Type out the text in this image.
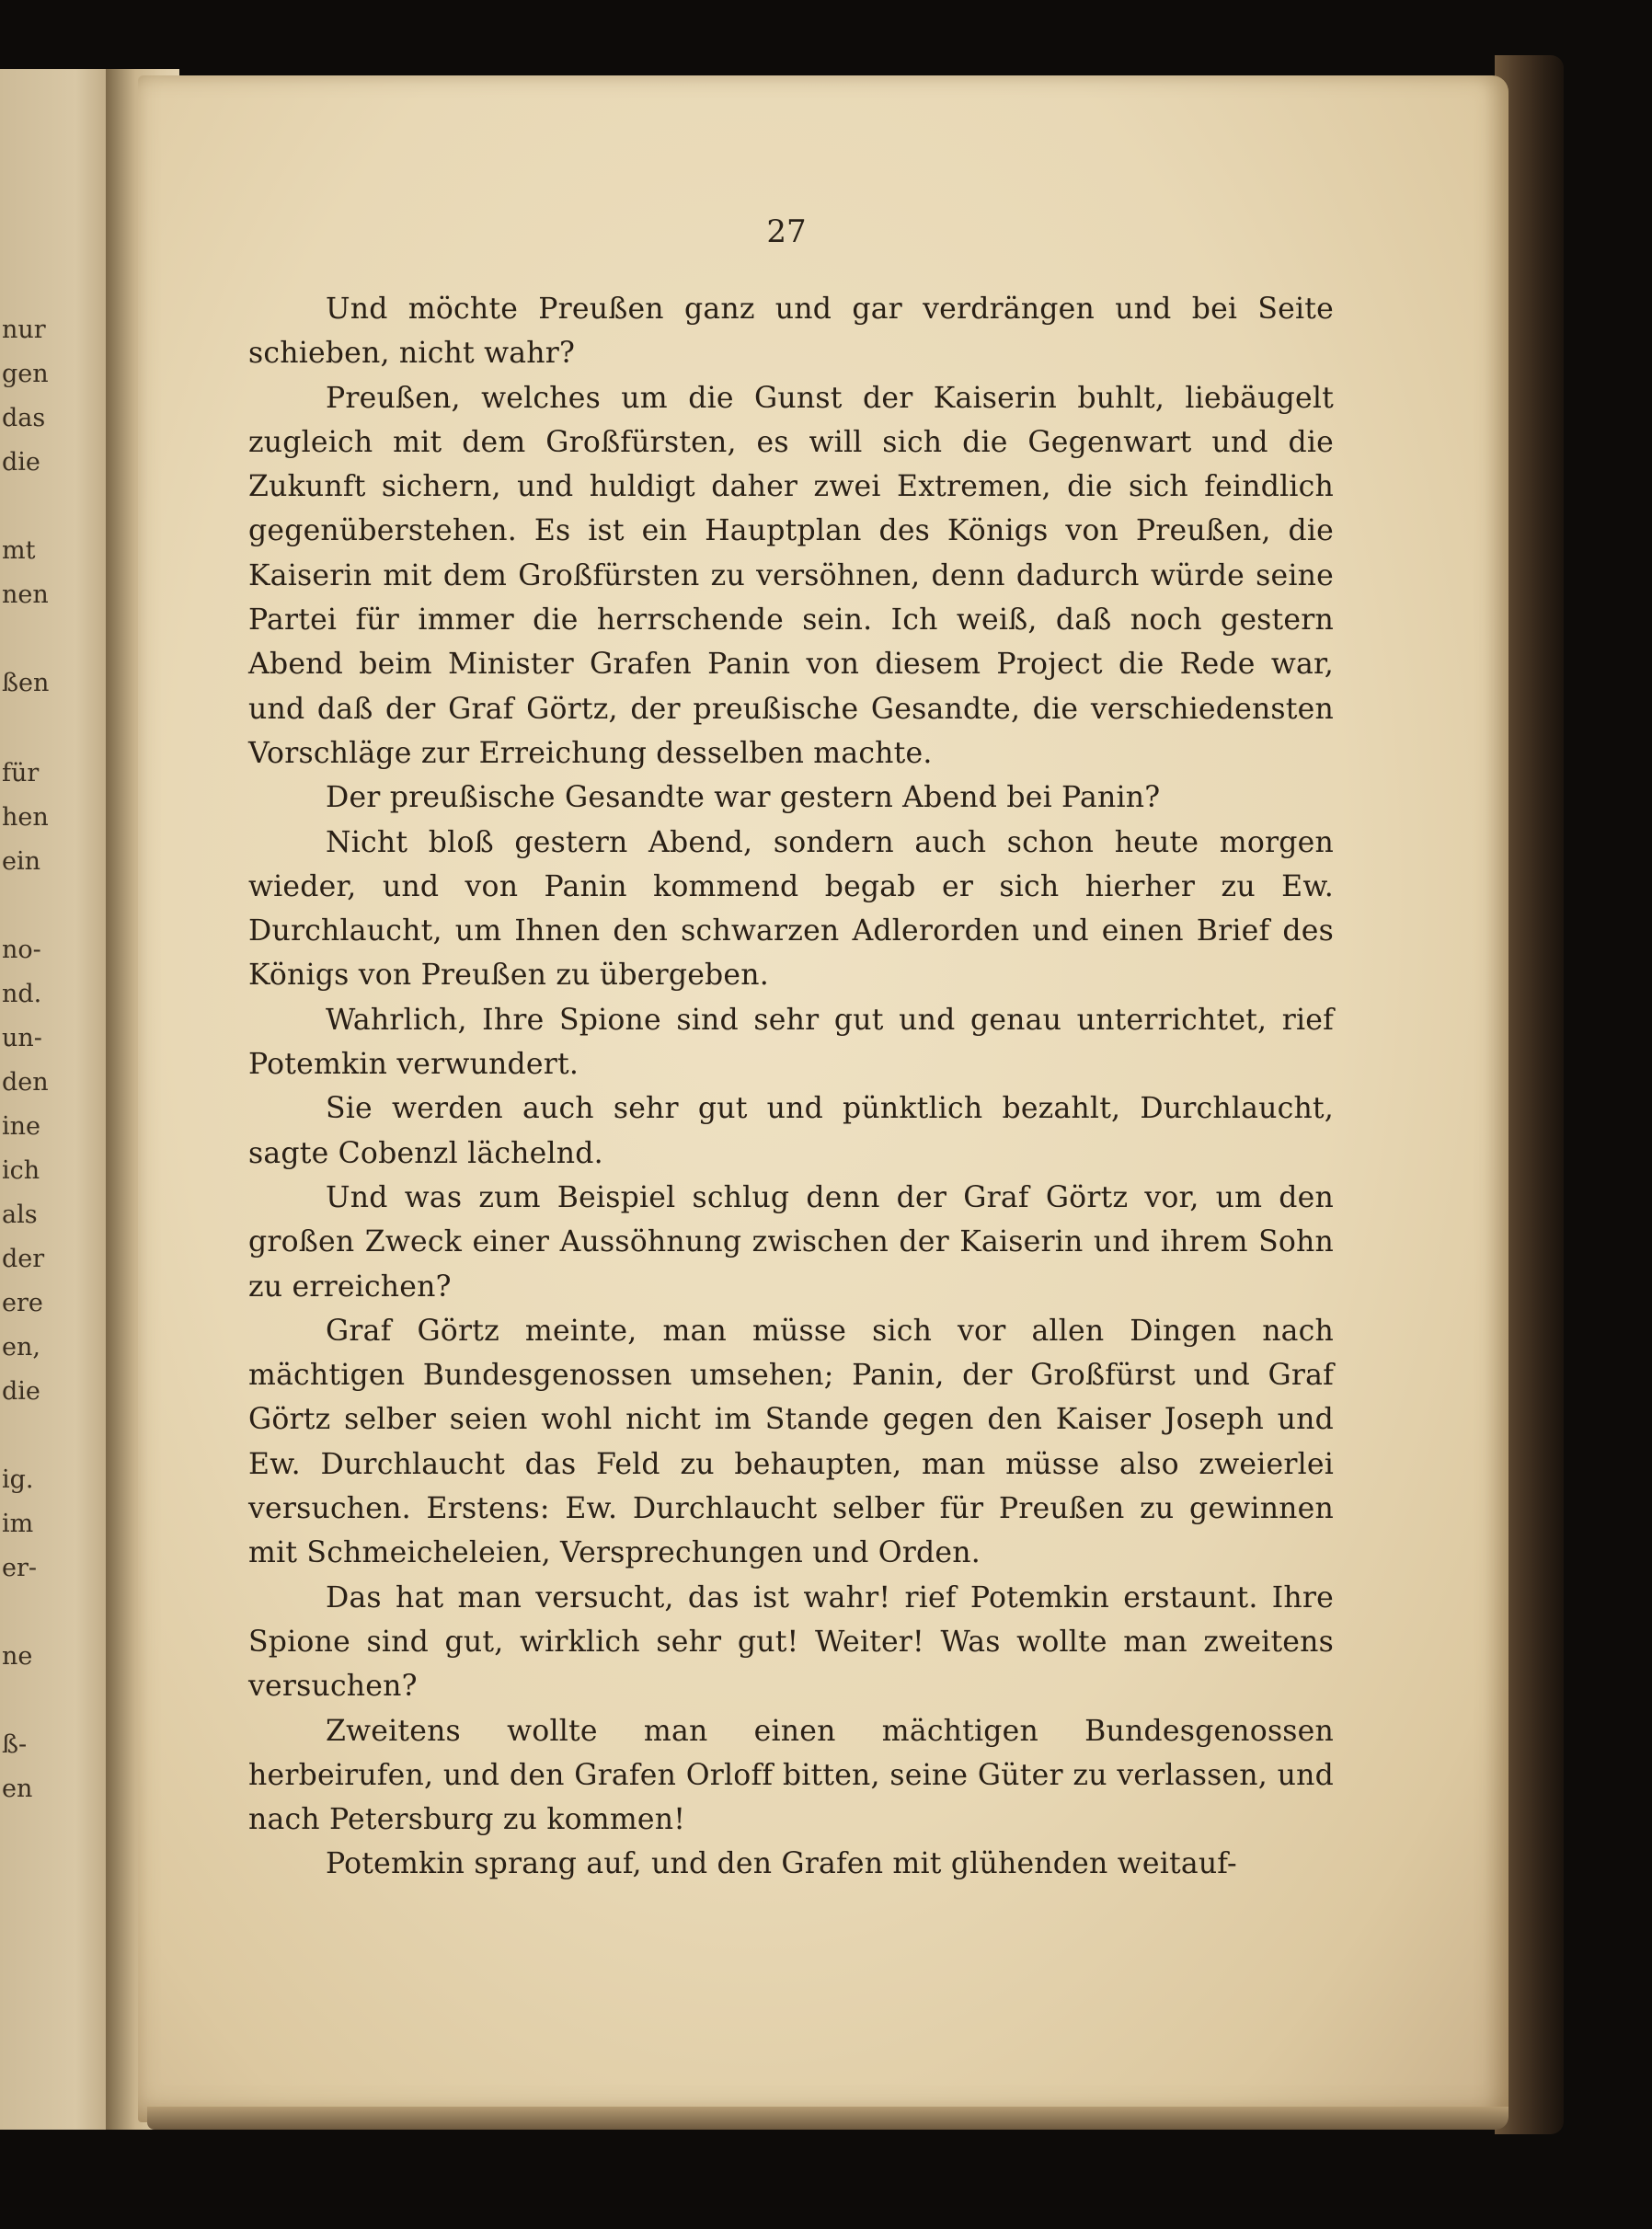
nur
gen
das
die
mt
nen
ßen
für
hen
ein
no-
nd.
un-
den
ine
ich
als
der
ere
en,
die
ig.
im
er-
ne
ß-
en
27

Und möchte Preußen ganz und gar verdrängen und bei Seite schieben, nicht wahr?

Preußen, welches um die Gunst der Kaiserin buhlt, liebäugelt zugleich mit dem Großfürsten, es will sich die Gegenwart und die Zukunft sichern, und huldigt daher zwei Extremen, die sich feindlich gegenüberstehen. Es ist ein Hauptplan des Königs von Preußen, die Kaiserin mit dem Großfürsten zu versöhnen, denn dadurch würde seine Partei für immer die herrschende sein. Ich weiß, daß noch gestern Abend beim Minister Grafen Panin von diesem Project die Rede war, und daß der Graf Görtz, der preußische Gesandte, die verschiedensten Vorschläge zur Erreichung desselben machte.

Der preußische Gesandte war gestern Abend bei Panin?

Nicht bloß gestern Abend, sondern auch schon heute morgen wieder, und von Panin kommend begab er sich hierher zu Ew. Durchlaucht, um Ihnen den schwarzen Adlerorden und einen Brief des Königs von Preußen zu übergeben.

Wahrlich, Ihre Spione sind sehr gut und genau unterrichtet, rief Potemkin verwundert.

Sie werden auch sehr gut und pünktlich bezahlt, Durchlaucht, sagte Cobenzl lächelnd.

Und was zum Beispiel schlug denn der Graf Görtz vor, um den großen Zweck einer Aussöhnung zwischen der Kaiserin und ihrem Sohn zu erreichen?

Graf Görtz meinte, man müsse sich vor allen Dingen nach mächtigen Bundesgenossen umsehen; Panin, der Großfürst und Graf Görtz selber seien wohl nicht im Stande gegen den Kaiser Joseph und Ew. Durchlaucht das Feld zu behaupten, man müsse also zweierlei versuchen. Erstens: Ew. Durchlaucht selber für Preußen zu gewinnen mit Schmeicheleien, Versprechungen und Orden.

Das hat man versucht, das ist wahr! rief Potemkin erstaunt. Ihre Spione sind gut, wirklich sehr gut! Weiter! Was wollte man zweitens versuchen?

Zweitens wollte man einen mächtigen Bundesgenossen herbeirufen, und den Grafen Orloff bitten, seine Güter zu verlassen, und nach Petersburg zu kommen!

Potemkin sprang auf, und den Grafen mit glühenden weitauf-
